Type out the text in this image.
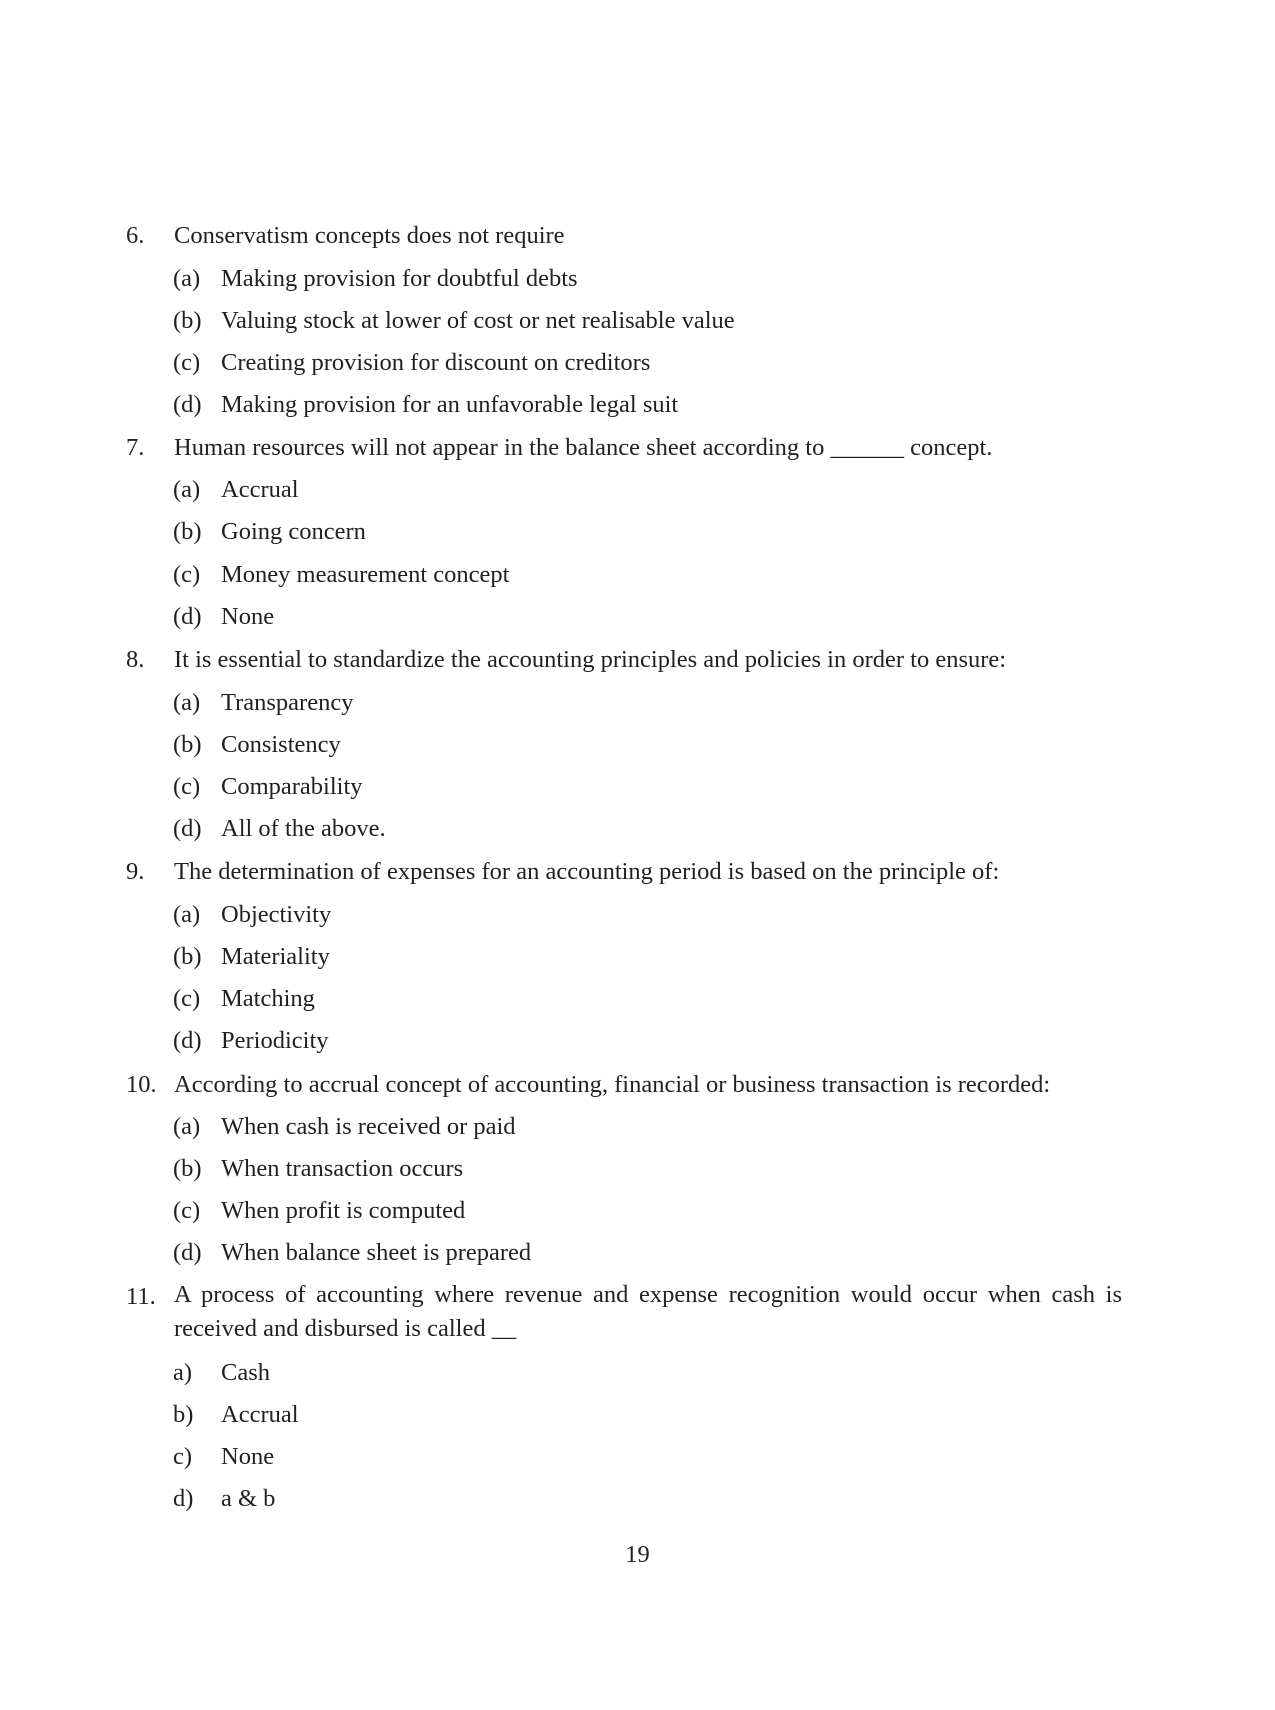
6. Conservatism concepts does not require
(a) Making provision for doubtful debts
(b) Valuing stock at lower of cost or net realisable value
(c) Creating provision for discount on creditors
(d) Making provision for an unfavorable legal suit
7. Human resources will not appear in the balance sheet according to ______ concept.
(a) Accrual
(b) Going concern
(c) Money measurement concept
(d) None
8. It is essential to standardize the accounting principles and policies in order to ensure:
(a) Transparency
(b) Consistency
(c) Comparability
(d) All of the above.
9. The determination of expenses for an accounting period is based on the principle of:
(a) Objectivity
(b) Materiality
(c) Matching
(d) Periodicity
10. According to accrual concept of accounting, financial or business transaction is recorded:
(a) When cash is received or paid
(b) When transaction occurs
(c) When profit is computed
(d) When balance sheet is prepared
11. A process of accounting where revenue and expense recognition would occur when cash is received and disbursed is called __
a) Cash
b) Accrual
c) None
d) a & b
19
